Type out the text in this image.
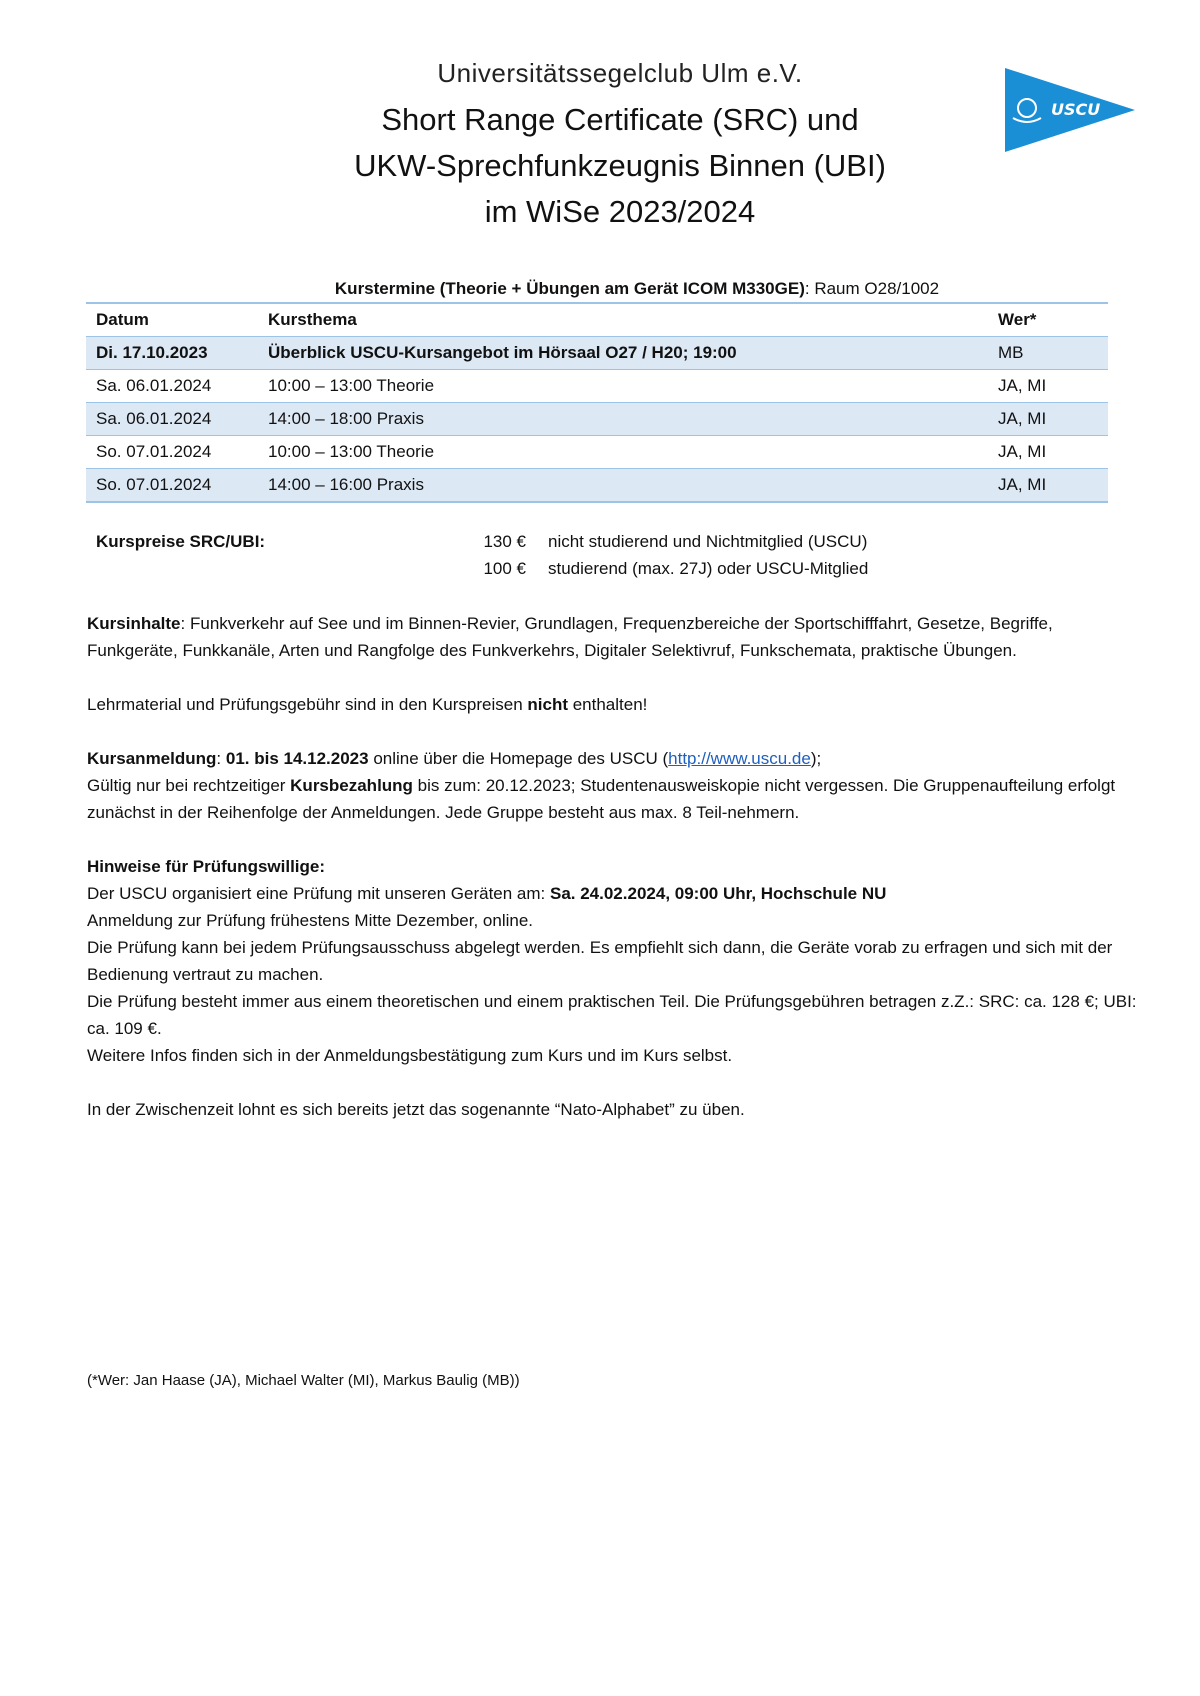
Universitätssegelclub Ulm e.V.
Short Range Certificate (SRC) und
UKW-Sprechfunkzeugnis Binnen (UBI)
im WiSe 2023/2024
USCU
Kurstermine (Theorie + Übungen am Gerät ICOM M330GE): Raum O28/1002
Datum	Kursthema	Wer*
Di. 17.10.2023	Überblick USCU-Kursangebot im Hörsaal O27 / H20; 19:00	MB
Sa. 06.01.2024	10:00 – 13:00 Theorie	JA, MI
Sa. 06.01.2024	14:00 – 18:00 Praxis	JA, MI
So. 07.01.2024	10:00 – 13:00 Theorie	JA, MI
So. 07.01.2024	14:00 – 16:00 Praxis	JA, MI
Kurspreise SRC/UBI:	130 €	nicht studierend und Nichtmitglied (USCU)
100 €	studierend (max. 27J) oder USCU-Mitglied

Kursinhalte: Funkverkehr auf See und im Binnen-Revier, Grundlagen, Frequenzbereiche der Sportschifffahrt, Gesetze, Begriffe, Funkgeräte, Funkkanäle, Arten und Rangfolge des Funkverkehrs, Digitaler Selektivruf, Funkschemata, praktische Übungen.

Lehrmaterial und Prüfungsgebühr sind in den Kurspreisen nicht enthalten!

Kursanmeldung: 01. bis 14.12.2023 online über die Homepage des USCU (http://www.uscu.de);
Gültig nur bei rechtzeitiger Kursbezahlung bis zum: 20.12.2023; Studentenausweiskopie nicht vergessen. Die Gruppenaufteilung erfolgt zunächst in der Reihenfolge der Anmeldungen. Jede Gruppe besteht aus max. 8 Teil-nehmern.

Hinweise für Prüfungswillige:

Der USCU organisiert eine Prüfung mit unseren Geräten am: Sa. 24.02.2024, 09:00 Uhr, Hochschule NU

Anmeldung zur Prüfung frühestens Mitte Dezember, online.

Die Prüfung kann bei jedem Prüfungsausschuss abgelegt werden. Es empfiehlt sich dann, die Geräte vorab zu erfragen und sich mit der Bedienung vertraut zu machen.

Die Prüfung besteht immer aus einem theoretischen und einem praktischen Teil. Die Prüfungsgebühren betragen z.Z.: SRC: ca. 128 €; UBI: ca. 109 €.

Weitere Infos finden sich in der Anmeldungsbestätigung zum Kurs und im Kurs selbst.

In der Zwischenzeit lohnt es sich bereits jetzt das sogenannte “Nato-Alphabet” zu üben.

(*Wer: Jan Haase (JA), Michael Walter (MI), Markus Baulig (MB))
